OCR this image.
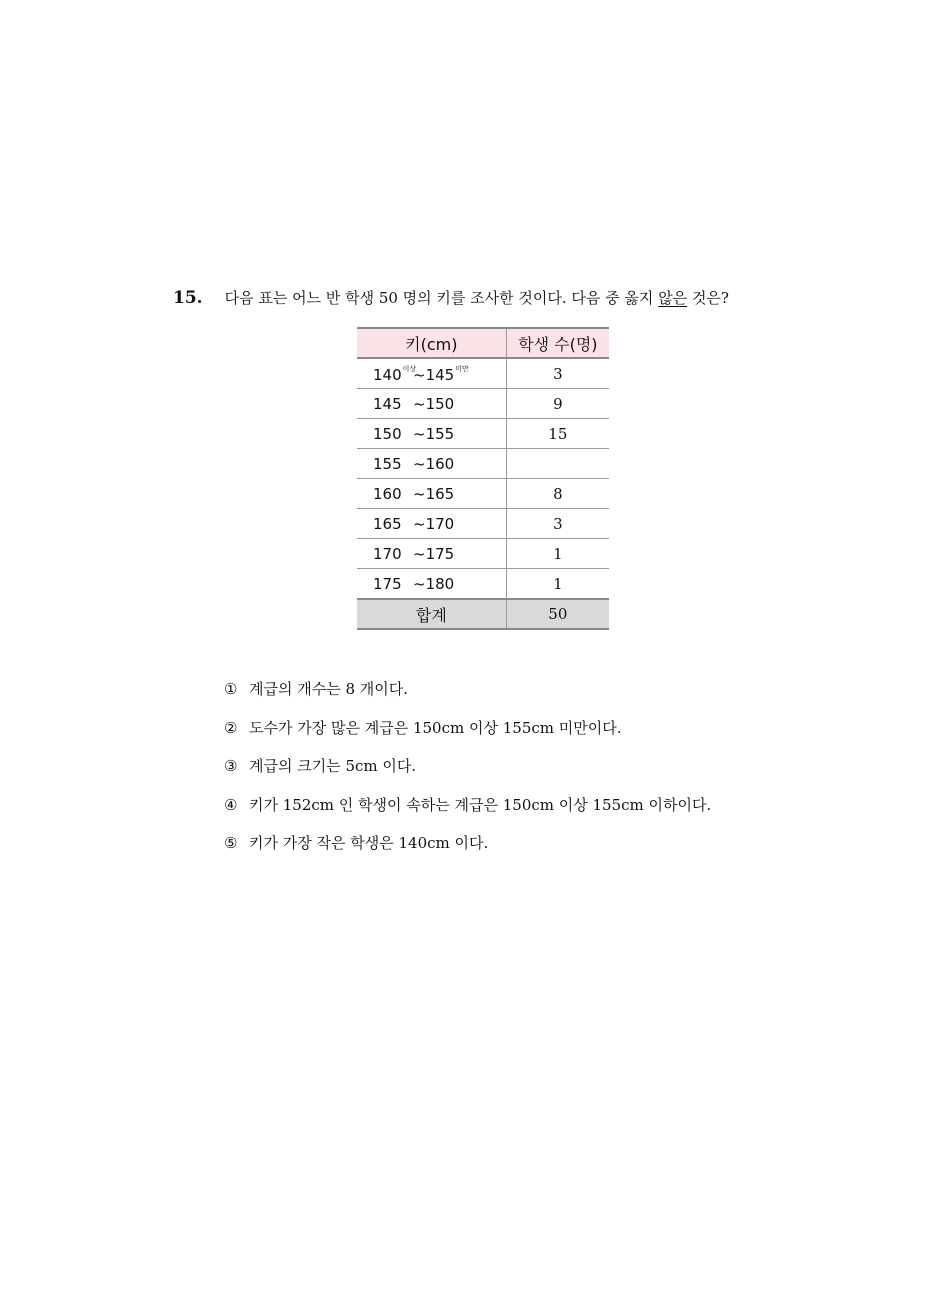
15. 다음 표는 어느 반 학생 50 명의 키를 조사한 것이다. 다음 중 옳지 않은 것은?
키(cm)	학생 수(명)
$140^{이상}\sim 145^{미만}$	3
145 ~150	9
150 ~155	15
155 ~160	
160 ~165	8
165 ~170	3
170 ~175	1
175 ~180	1
합계	50
① 계급의 개수는 8 개이다.
② 도수가 가장 많은 계급은 150cm 이상 155cm 미만이다.
③ 계급의 크기는 5cm 이다.
④ 키가 152cm 인 학생이 속하는 계급은 150cm 이상 155cm 이하이다.
⑤ 키가 가장 작은 학생은 140cm 이다.
